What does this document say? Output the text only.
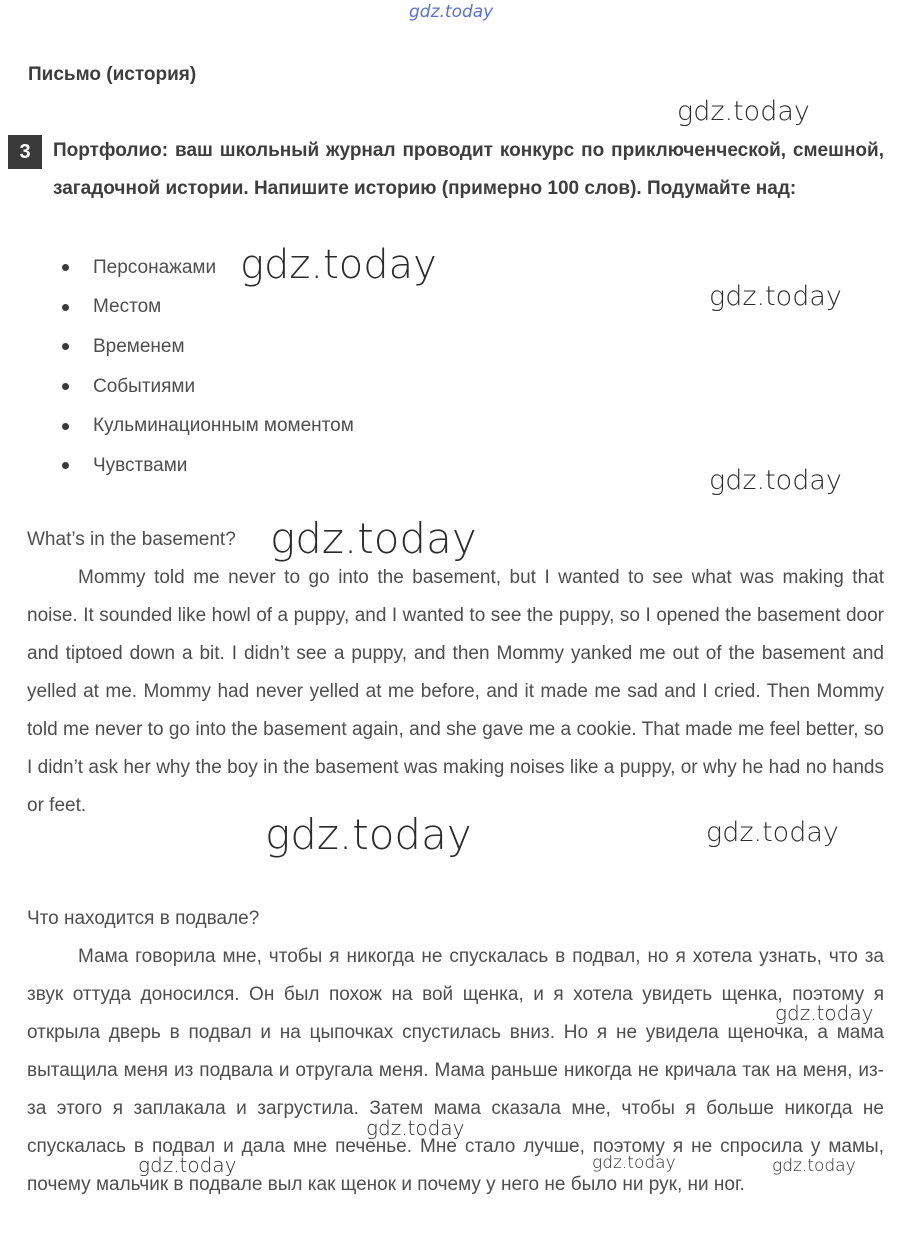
gdz.today
gdz.today
gdz.today
gdz.today
gdz.today
gdz.today
gdz.today	gdz.today
gdz.today
gdz.today
gdz.today	gdz.today	gdz.today
Письмо (история)
3	Портфолио: ваш школьный журнал проводит конкурс по приключенческой, смешной, загадочной истории. Напишите историю (примерно 100 слов). Подумайте над:

Персонажами
Местом
Временем
Событиями
Кульминационным моментом
Чувствами

What’s in the basement?

Mommy told me never to go into the basement, but I wanted to see what was making that noise. It sounded like howl of a puppy, and I wanted to see the puppy, so I opened the basement door and tiptoed down a bit. I didn’t see a puppy, and then Mommy yanked me out of the basement and yelled at me. Mommy had never yelled at me before, and it made me sad and I cried. Then Mommy told me never to go into the basement again, and she gave me a cookie. That made me feel better, so I didn’t ask her why the boy in the basement was making noises like a puppy, or why he had no hands or feet.

Что находится в подвале?

Мама говорила мне, чтобы я никогда не спускалась в подвал, но я хотела узнать, что за звук оттуда доносился. Он был похож на вой щенка, и я хотела увидеть щенка, поэтому я открыла дверь в подвал и на цыпочках спустилась вниз. Но я не увидела щеночка, а мама вытащила меня из подвала и отругала меня. Мама раньше никогда не кричала так на меня, из-за этого я заплакала и загрустила. Затем мама сказала мне, чтобы я больше никогда не спускалась в подвал и дала мне печенье. Мне стало лучше, поэтому я не спросила у мамы, почему мальчик в подвале выл как щенок и почему у него не было ни рук, ни ног.
